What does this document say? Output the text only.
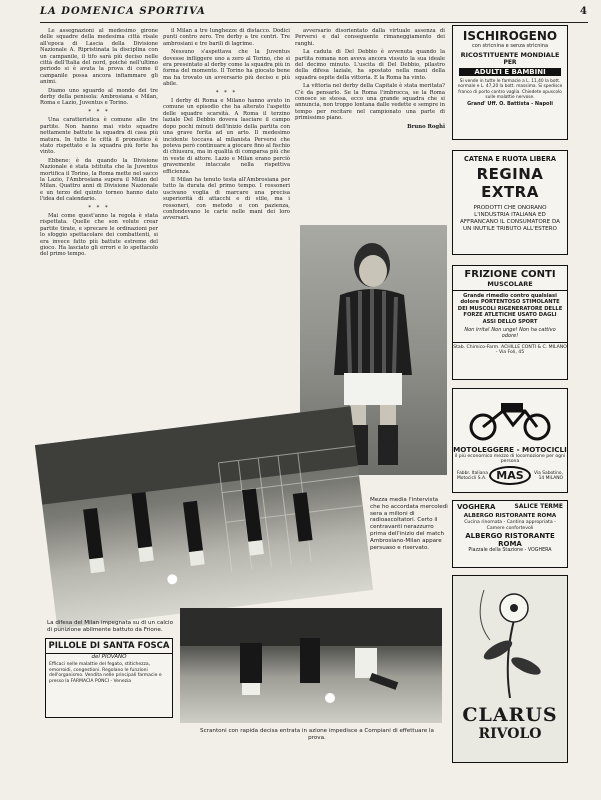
LA DOMENICA SPORTIVA	4

Le assegnazioni al medesimo girone delle squadre della medesima città risale all'epoca di Lascia della Divisione Nazionale A. Ripristinata la disciplina con un campanile, il tifo sarà più deciso nelle città dell'Italia del nord, poiché nell'ultimo periodo si è avuta la prova di come il campanile possa ancora infiammare gli animi.

Diamo uno sguardo al mondo dei tre derby della penisola: Ambrosiana e Milan, Roma e Lazio, Juventus e Torino.

* * *

Una caratteristica è comune alle tre partite. Non hanno mai visto squadre nettamente battute la squadra di casa più matura. In tutte le città il pronostico è stato rispettato e la squadra più forte ha vinto.

Ebbene: è da quando la Divisione Nazionale è stata istituita che la Juventus mortifica il Torino, la Roma mette nel sacco la Lazio, l'Ambrosiana supera il Milan del Milan. Quattro anni di Divisione Nazionale e un terzo del quinto torneo hanno dato l'idea del calendario.

* * *

Mai come quest'anno la regola è stata rispettata. Quelle che son volute crear partite tirate, e sprecare le ordinazioni per lo sfoggio spettacolare dei combattenti, si era invece fatto più battute estreme del gioco. Ha lasciato gli errori e lo spettacolo del primo tempo.

il Milan a tre lunghezze di distacco. Dodici punti contro zero. Tre derby a tre centri. Tre ambrosiani e tre barili di lagrime.

Nessuno s'aspettava che la Juventus dovesse infliggere uno a zero al Torino, che si era presentato al derby come la squadra più in forma del momento. Il Torino ha giocato bene ma ha trovato un avversario più deciso e più abile.

* * *

I derby di Roma e Milano hanno avuto in comune un episodio che ha alterato l'aspetto delle squadre scarsità. A Roma il terzino laziale Del Debbio doveva lasciare il campo dopo pochi minuti dell'inizio della partita con una grave ferita ad un arto. Il medesimo incidente toccava al milanista Perversi che poteva però continuare a giocare fino al fischio di chiusura, ma in qualità di comparsa più che in veste di attore. Lazio e Milan erano perciò gravemente intaccate nella rispettiva efficienza.

Il Milan ha tenuto testa all'Ambrosiana per tutto la durata del primo tempo. I rossoneri uscivano voglia di marcare una precisa superiorità di attacchi e di stile, ma i rossoneri, con metodo e con pazienza, confondevano le carte nelle mani dei loro avversari.

avversario disorientato dalla virtuale assenza di Perversi e dal conseguente rimaneggiamento dei ranghi.

La caduta di Del Debbio è avvenuta quando la partita romana non aveva ancora vissuto la sua ideale del decimo minuto. L'uscita di Del Debbio, pilastro della difesa laziale, ha spostato nella mani della squadra ospite della vittoria. E la Roma ha vinto.

La vittoria nel derby della Capitale è stata meritata? C'è da pensarlo. Se la Roma l'imbrocca, se la Roma conosce se stessa, ecco una grande squadra che si annuncia, non troppo lontana dalle vedette e sempre in tempo per recitare nel campionato una parte di primissimo piano.

Bruno Roghi
Mezza media l'intervista che ho accordata mercoledì sera a milioni di radioascoltatori. Certo il centravanti nerazzurro prima dell'inizio del match Ambrosiano-Milan appare persuaso e riservato.
La difesa del Milan impegnata su di un calcio di punizione abilmente battuto da Frione.
Scrantoni con rapida decisa entrata in azione impedisce a Compiani di effettuare la prova.
PILLOLE DI SANTA FOSCA
del PIOVANO
Efficaci nelle malattie del fegato, stitichezza, emorroidi, congestioni. Regolano le funzioni dell'organismo. Vendita nelle principali farmacie e presso la FARMACIA PONCI - Venezia
ISCHIROGENO
con stricnina e senza stricnina
RICOSTITUENTE MONDIALE
PER
ADULTI E BAMBINI
Si vende in tutte le farmacie a L. 11,40 la bott. normale e L. 47,20 la bott. massima. Si spedisce franco di porto contro vaglia. Chiedete opuscolo sulle malattie nervose.
Grand' Uff. O. Battista - Napoli
CATENA E RUOTA LIBERA
REGINA EXTRA
PRODOTTI CHE ONORANO L'INDUSTRIA ITALIANA ED AFFRANCANO IL CONSUMATORE DA UN INUTILE TRIBUTO ALL'ESTERO
FRIZIONE CONTI
MUSCOLARE
Grande rimedio contro qualsiasi dolore PORTENTOSO STIMOLANTE DEI MUSCOLI RIGENERATORE DELLE FORZE ATLETICHE USATO DAGLI ASSI DELLO SPORT
Non irrita! Non unge! Non ha cattivo odore!
Stab. Chimico-Farm. ACHILLE CONTI & C. MILANO - Via Foli, 45
MOTOLEGGERE - MOTOCICLI
il più economico mezzo di locomozione per ogni persona
Fabbr. Italiana Motocicli S.A. MAS	Via Sabotino, 14 MILANO
VOGHERA	SALICE TERME
ALBERGO RISTORANTE ROMA
Cucina rinomata - Cantina appropriata - Camere confortevoli
ALBERGO RISTORANTE ROMA
Piazzale della Stazione - VOGHERA
CLARUS
RIVOLO
